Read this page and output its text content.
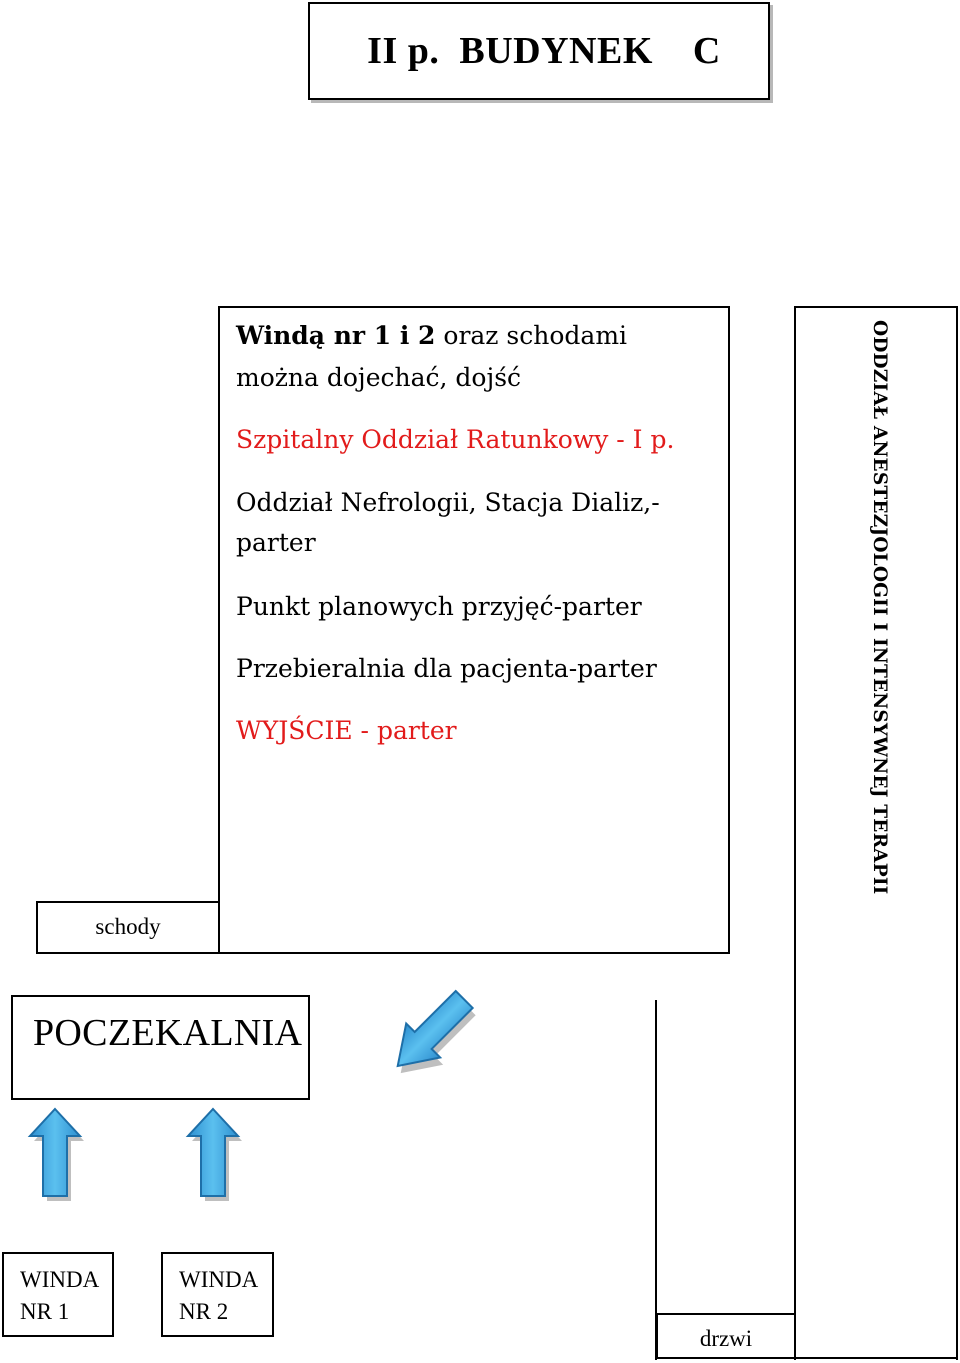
II p.  BUDYNEK    C
Windą nr 1 i 2 oraz schodami
można dojechać, dojść
Szpitalny Oddział Ratunkowy - I p.
Oddział Nefrologii, Stacja Dializ,-
parter
Punkt planowych przyjęć-parter
Przebieralnia dla pacjenta-parter
WYJŚCIE - parter	ODDZIAŁ ANESTEZJOLOGII I INTENSYWNEJ TERAPII
schody
POCZEKALNIA
WINDA
NR 1
WINDA
NR 2
drzwi
